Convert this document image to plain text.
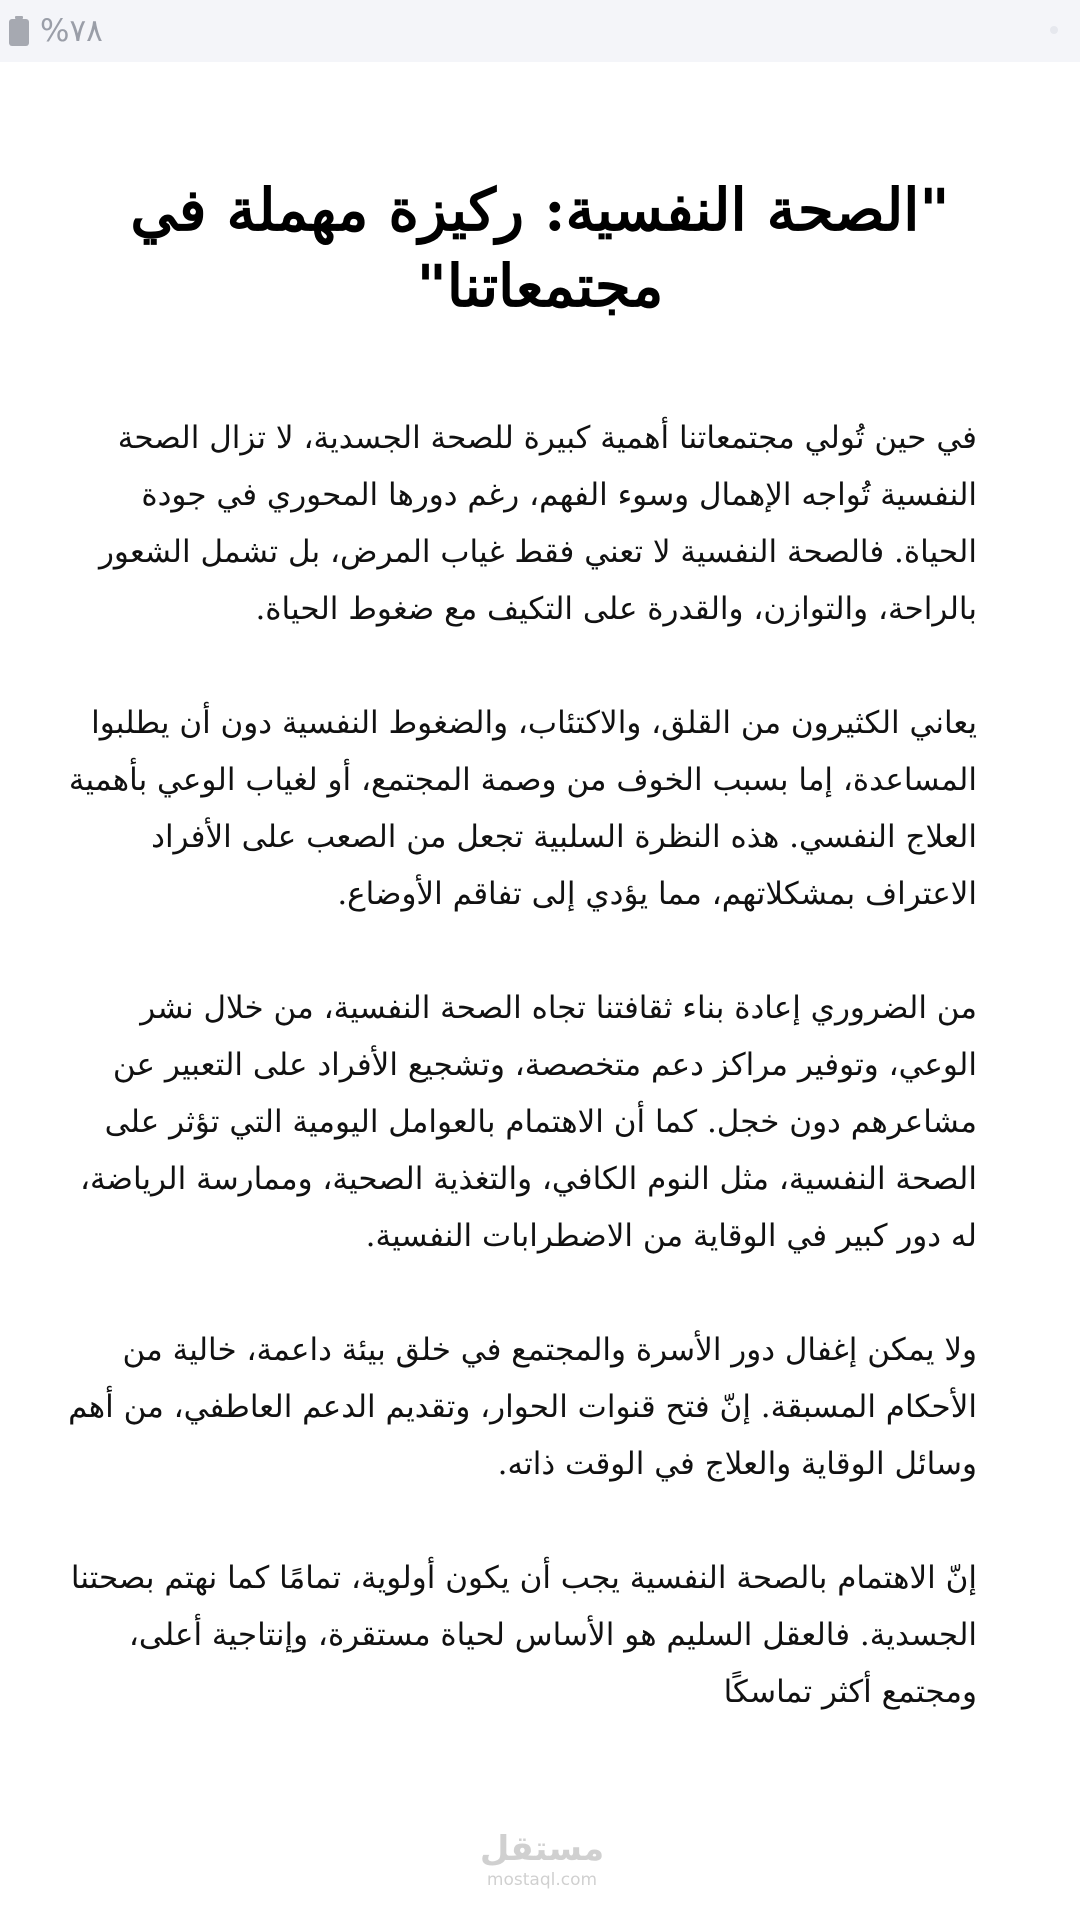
%٧٨
"الصحة النفسية: ركيزة مهملة في مجتمعاتنا"

في حين تُولي مجتمعاتنا أهمية كبيرة للصحة الجسدية، لا تزال الصحة النفسية تُواجه الإهمال وسوء الفهم، رغم دورها المحوري في جودة الحياة. فالصحة النفسية لا تعني فقط غياب المرض، بل تشمل الشعور بالراحة، والتوازن، والقدرة على التكيف مع ضغوط الحياة.

يعاني الكثيرون من القلق، والاكتئاب، والضغوط النفسية دون أن يطلبوا المساعدة، إما بسبب الخوف من وصمة المجتمع، أو لغياب الوعي بأهمية العلاج النفسي. هذه النظرة السلبية تجعل من الصعب على الأفراد الاعتراف بمشكلاتهم، مما يؤدي إلى تفاقم الأوضاع.

من الضروري إعادة بناء ثقافتنا تجاه الصحة النفسية، من خلال نشر الوعي، وتوفير مراكز دعم متخصصة، وتشجيع الأفراد على التعبير عن مشاعرهم دون خجل. كما أن الاهتمام بالعوامل اليومية التي تؤثر على الصحة النفسية، مثل النوم الكافي، والتغذية الصحية، وممارسة الرياضة، له دور كبير في الوقاية من الاضطرابات النفسية.

ولا يمكن إغفال دور الأسرة والمجتمع في خلق بيئة داعمة، خالية من الأحكام المسبقة. إنّ فتح قنوات الحوار، وتقديم الدعم العاطفي، من أهم وسائل الوقاية والعلاج في الوقت ذاته.

إنّ الاهتمام بالصحة النفسية يجب أن يكون أولوية، تمامًا كما نهتم بصحتنا الجسدية. فالعقل السليم هو الأساس لحياة مستقرة، وإنتاجية أعلى، ومجتمع أكثر تماسكًا

مستقل
mostaql.com
